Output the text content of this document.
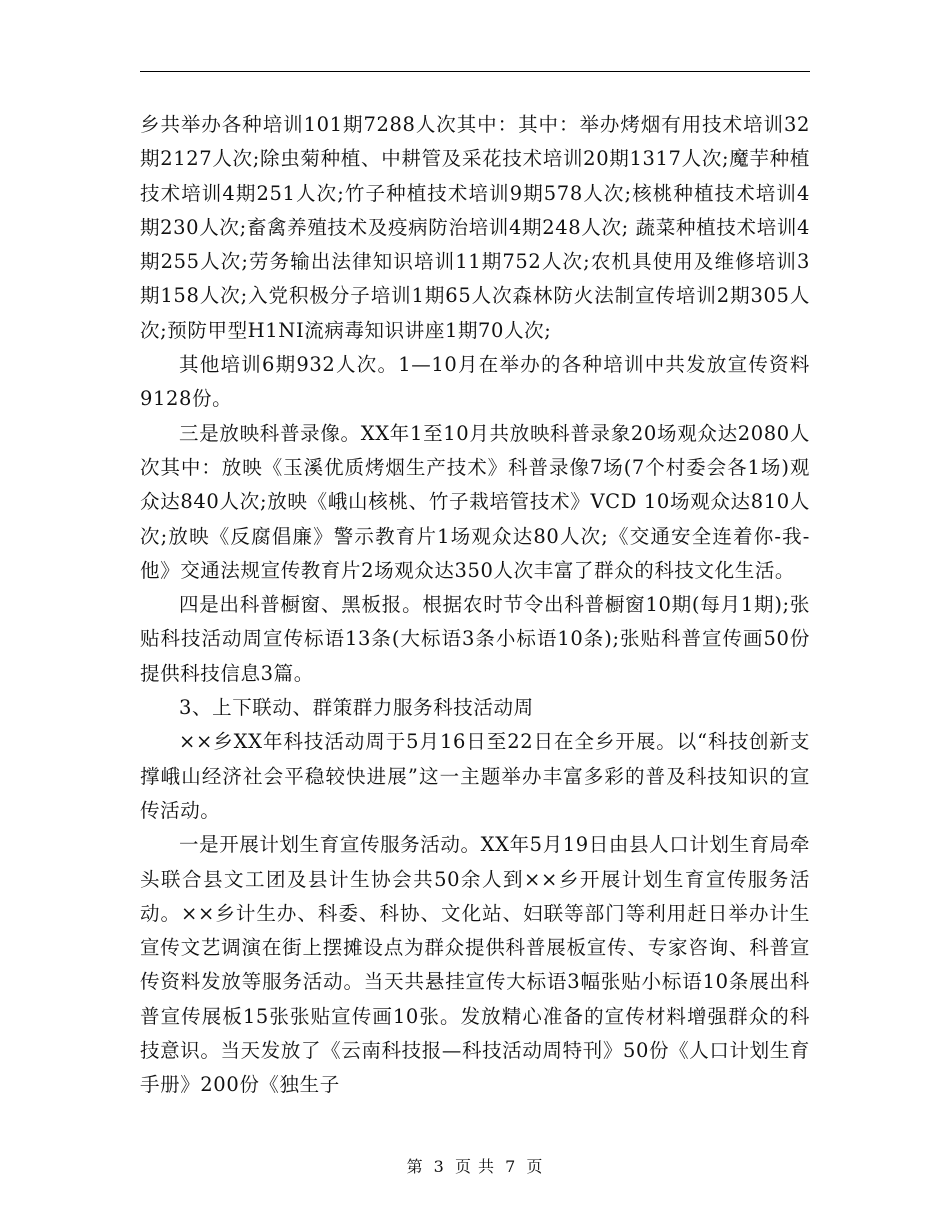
乡共举办各种培训101期7288人次其中：其中：举办烤烟有用技术培训32期2127人次;除虫菊种植、中耕管及采花技术培训20期1317人次;魔芋种植技术培训4期251人次;竹子种植技术培训9期578人次;核桃种植技术培训4期230人次;畜禽养殖技术及疫病防治培训4期248人次; 蔬菜种植技术培训4期255人次;劳务输出法律知识培训11期752人次;农机具使用及维修培训3期158人次;入党积极分子培训1期65人次森林防火法制宣传培训2期305人次;预防甲型H1NI流病毒知识讲座1期70人次;

其他培训6期932人次。1—10月在举办的各种培训中共发放宣传资料9128份。

三是放映科普录像。XX年1至10月共放映科普录象20场观众达2080人次其中：放映《玉溪优质烤烟生产技术》科普录像7场(7个村委会各1场)观众达840人次;放映《峨山核桃、竹子栽培管技术》VCD 10场观众达810人次;放映《反腐倡廉》警示教育片1场观众达80人次;《交通安全连着你-我-他》交通法规宣传教育片2场观众达350人次丰富了群众的科技文化生活。

四是出科普橱窗、黑板报。根据农时节令出科普橱窗10期(每月1期);张贴科技活动周宣传标语13条(大标语3条小标语10条);张贴科普宣传画50份提供科技信息3篇。

3、上下联动、群策群力服务科技活动周

××乡XX年科技活动周于5月16日至22日在全乡开展。以“科技创新支撑峨山经济社会平稳较快进展”这一主题举办丰富多彩的普及科技知识的宣传活动。

一是开展计划生育宣传服务活动。XX年5月19日由县人口计划生育局牵头联合县文工团及县计生协会共50余人到××乡开展计划生育宣传服务活动。××乡计生办、科委、科协、文化站、妇联等部门等利用赶日举办计生宣传文艺调演在街上摆摊设点为群众提供科普展板宣传、专家咨询、科普宣传资料发放等服务活动。当天共悬挂宣传大标语3幅张贴小标语10条展出科普宣传展板15张张贴宣传画10张。发放精心准备的宣传材料增强群众的科技意识。当天发放了《云南科技报—科技活动周特刊》50份《人口计划生育手册》200份《独生子

第 3 页 共 7 页
